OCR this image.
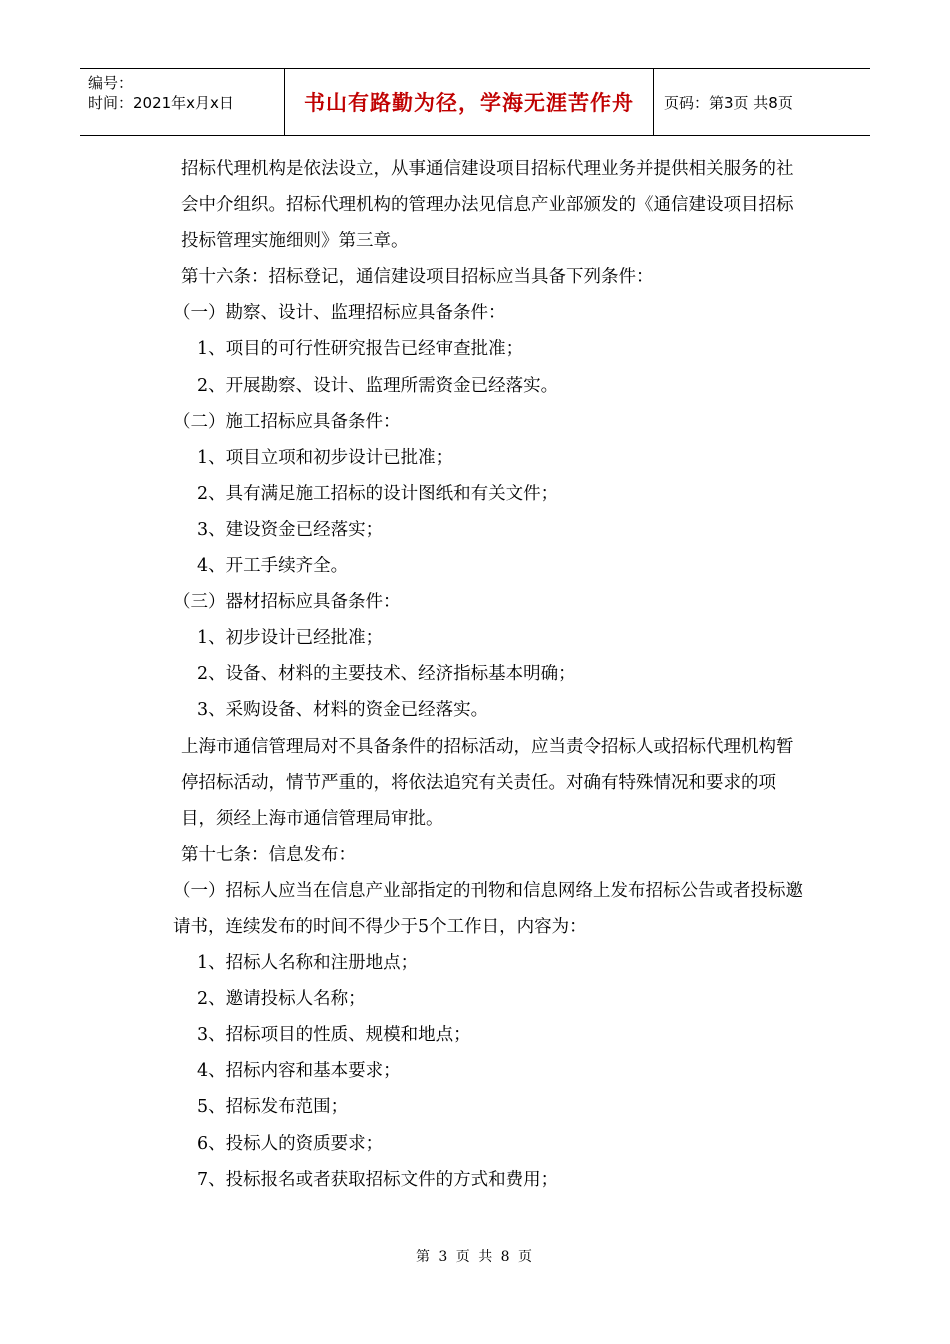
编号：
时间：2021年x月x日	书山有路勤为径，学海无涯苦作舟	页码：第3页 共8页

招标代理机构是依法设立，从事通信建设项目招标代理业务并提供相关服务的社会中介组织。招标代理机构的管理办法见信息产业部颁发的《通信建设项目招标投标管理实施细则》第三章。

第十六条：招标登记，通信建设项目招标应当具备下列条件：

（一）勘察、设计、监理招标应具备条件：

1、项目的可行性研究报告已经审查批准；

2、开展勘察、设计、监理所需资金已经落实。

（二）施工招标应具备条件：

1、项目立项和初步设计已批准；

2、具有满足施工招标的设计图纸和有关文件；

3、建设资金已经落实；

4、开工手续齐全。

（三）器材招标应具备条件：

1、初步设计已经批准；

2、设备、材料的主要技术、经济指标基本明确；

3、采购设备、材料的资金已经落实。

上海市通信管理局对不具备条件的招标活动，应当责令招标人或招标代理机构暂停招标活动，情节严重的，将依法追究有关责任。对确有特殊情况和要求的项目，须经上海市通信管理局审批。

第十七条：信息发布：

（一）招标人应当在信息产业部指定的刊物和信息网络上发布招标公告或者投标邀请书，连续发布的时间不得少于5个工作日，内容为：

1、招标人名称和注册地点；

2、邀请投标人名称；

3、招标项目的性质、规模和地点；

4、招标内容和基本要求；

5、招标发布范围；

6、投标人的资质要求；

7、投标报名或者获取招标文件的方式和费用；

第 3 页 共 8 页
